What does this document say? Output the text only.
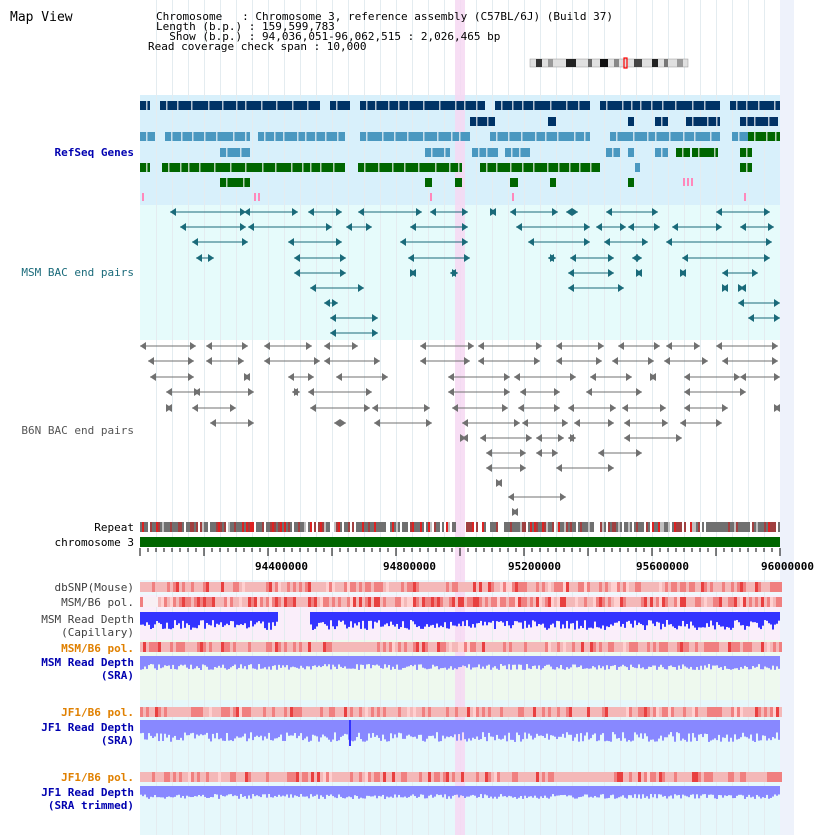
Map View	Chromosome   : Chromosome 3, reference assembly (C57BL/6J) (Build 37)
Length (b.p.) : 159,599,783
Show (b.p.) : 94,036,051-96,062,515 : 2,026,465 bp
Read coverage check span : 10,000
RefSeq Genes
MSM BAC end pairs
B6N BAC end pairs
Repeat
chromosome 3
dbSNP(Mouse)
MSM/B6 pol.
MSM Read Depth
(Capillary)
MSM/B6 pol.
MSM Read Depth
(SRA)
JF1/B6 pol.
JF1 Read Depth
(SRA)
JF1/B6 pol.
JF1 Read Depth
(SRA trimmed)
94400000	94800000	95200000	95600000	96000000
